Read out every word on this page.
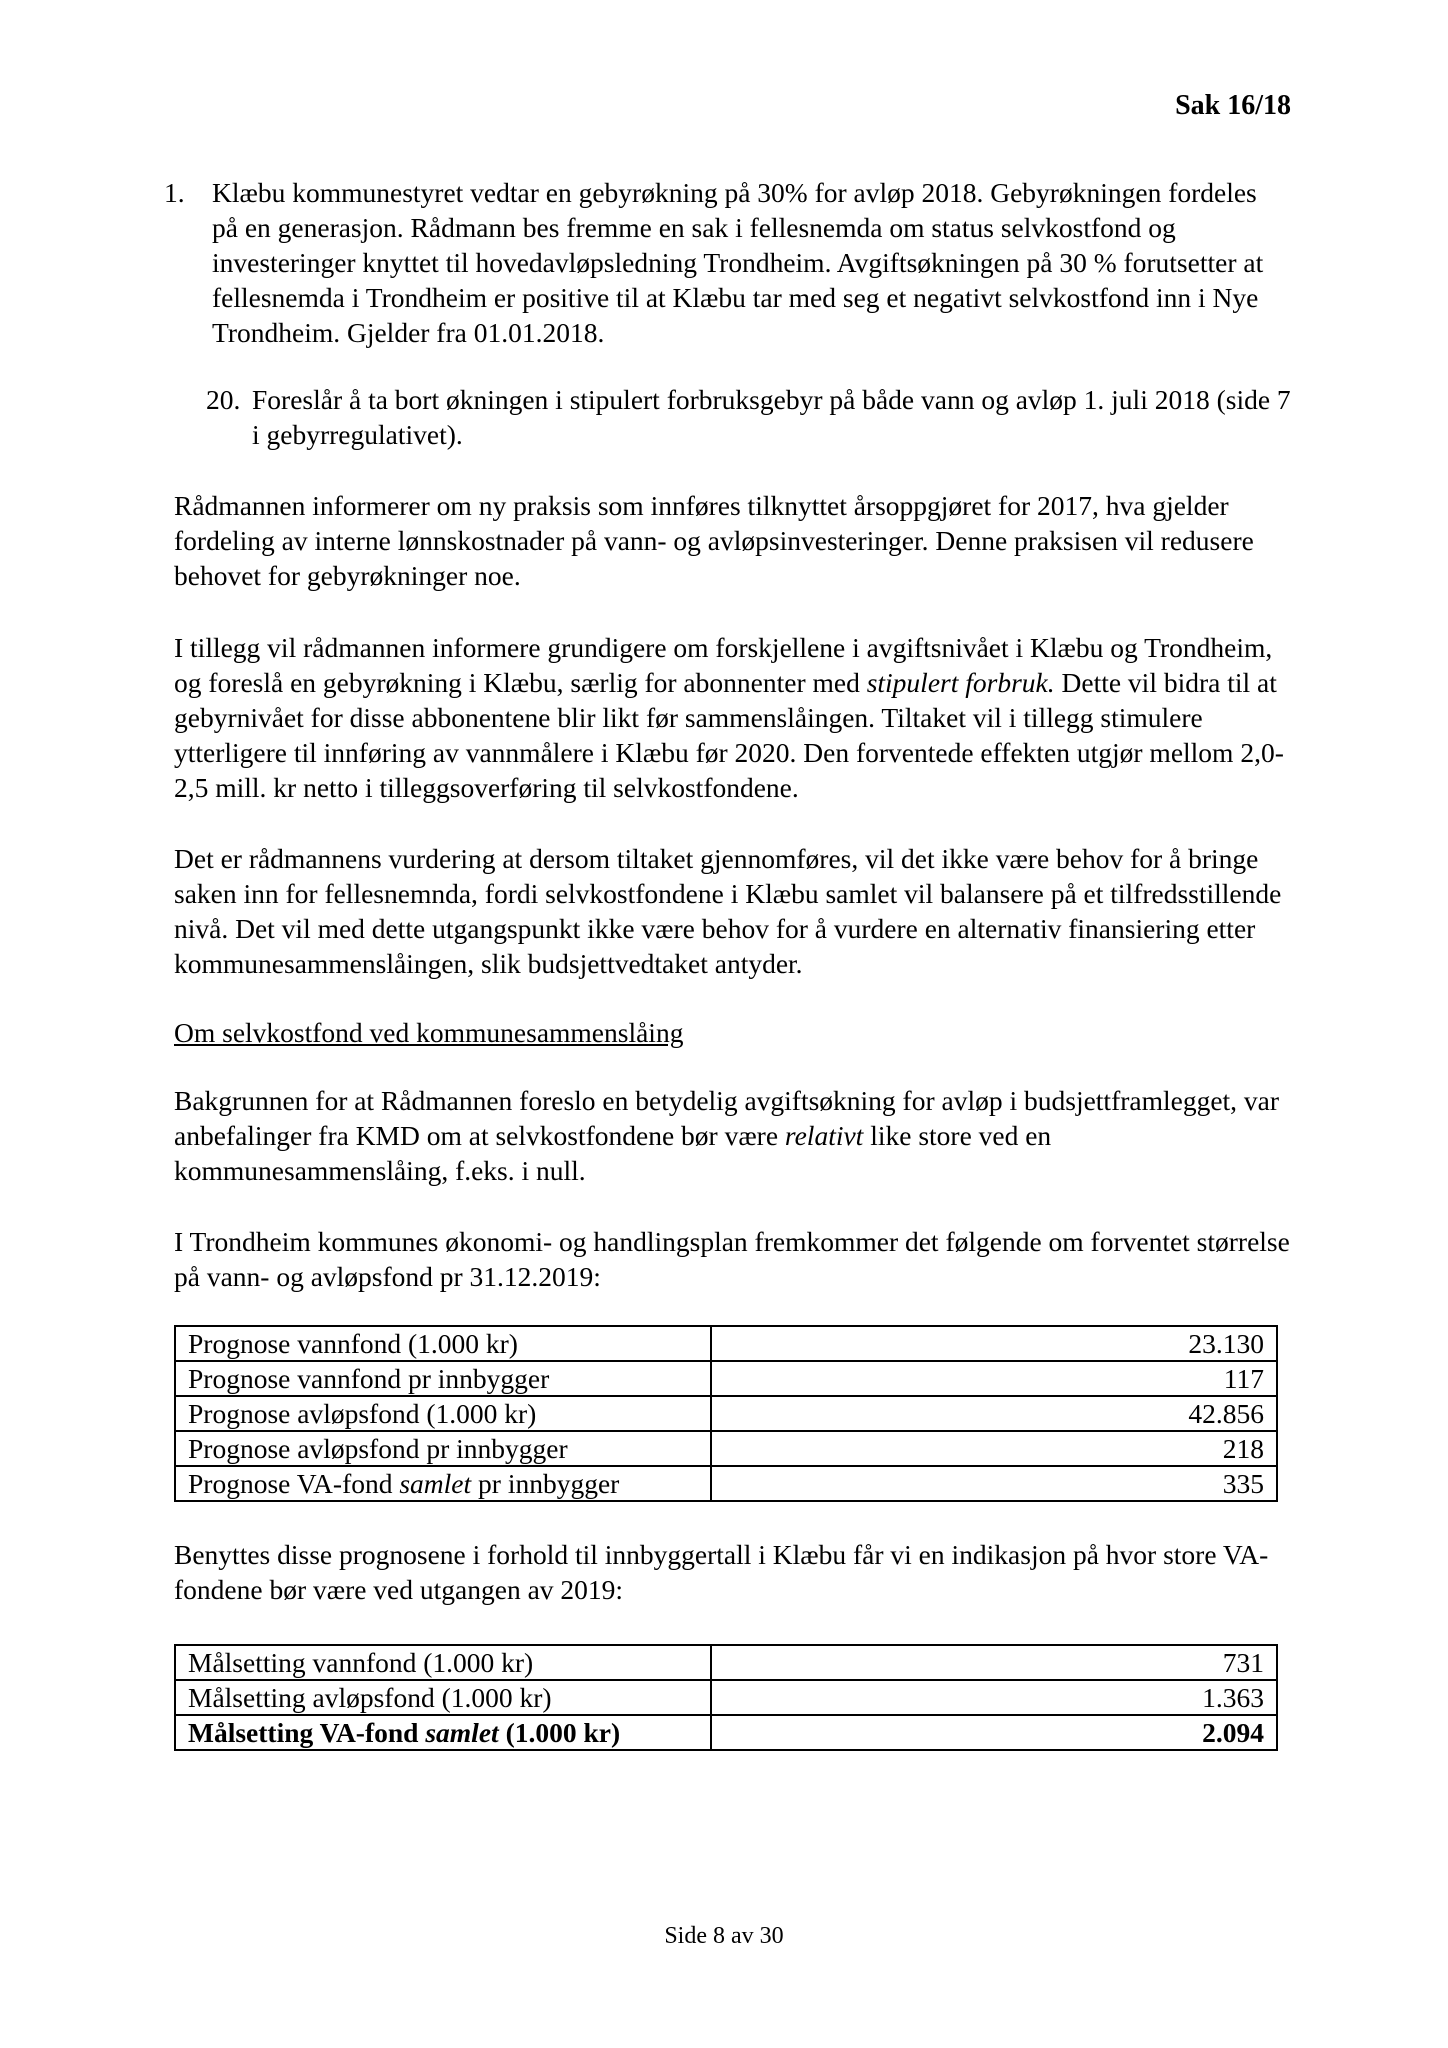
Sak 16/18

1. Klæbu kommunestyret vedtar en gebyrøkning på 30% for avløp 2018. Gebyrøkningen fordeles på en generasjon. Rådmann bes fremme en sak i fellesnemda om status selvkostfond og investeringer knyttet til hovedavløpsledning Trondheim. Avgiftsøkningen på 30 % forutsetter at fellesnemda i Trondheim er positive til at Klæbu tar med seg et negativt selvkostfond inn i Nye Trondheim. Gjelder fra 01.01.2018.

20. Foreslår å ta bort økningen i stipulert forbruksgebyr på både vann og avløp 1. juli 2018 (side 7 i gebyrregulativet).

Rådmannen informerer om ny praksis som innføres tilknyttet årsoppgjøret for 2017, hva gjelder fordeling av interne lønnskostnader på vann- og avløpsinvesteringer. Denne praksisen vil redusere behovet for gebyrøkninger noe.

I tillegg vil rådmannen informere grundigere om forskjellene i avgiftsnivået i Klæbu og Trondheim, og foreslå en gebyrøkning i Klæbu, særlig for abonnenter med stipulert forbruk. Dette vil bidra til at gebyrnivået for disse abbonentene blir likt før sammenslåingen. Tiltaket vil i tillegg stimulere ytterligere til innføring av vannmålere i Klæbu før 2020. Den forventede effekten utgjør mellom 2,0-2,5 mill. kr netto i tilleggsoverføring til selvkostfondene.

Det er rådmannens vurdering at dersom tiltaket gjennomføres, vil det ikke være behov for å bringe saken inn for fellesnemnda, fordi selvkostfondene i Klæbu samlet vil balansere på et tilfredsstillende nivå. Det vil med dette utgangspunkt ikke være behov for å vurdere en alternativ finansiering etter kommunesammenslåingen, slik budsjettvedtaket antyder.

Om selvkostfond ved kommunesammenslåing

Bakgrunnen for at Rådmannen foreslo en betydelig avgiftsøkning for avløp i budsjettframlegget, var anbefalinger fra KMD om at selvkostfondene bør være relativt like store ved en kommunesammenslåing, f.eks. i null.

I Trondheim kommunes økonomi- og handlingsplan fremkommer det følgende om forventet størrelse på vann- og avløpsfond pr 31.12.2019:

Prognose vannfond (1.000 kr)	23.130
Prognose vannfond pr innbygger	117
Prognose avløpsfond (1.000 kr)	42.856
Prognose avløpsfond pr innbygger	218
Prognose VA-fond samlet pr innbygger	335

Benyttes disse prognosene i forhold til innbyggertall i Klæbu får vi en indikasjon på hvor store VA- fondene bør være ved utgangen av 2019:

Målsetting vannfond (1.000 kr)	731
Målsetting avløpsfond (1.000 kr)	1.363
Målsetting VA-fond samlet (1.000 kr)	2.094
Side 8 av 30
